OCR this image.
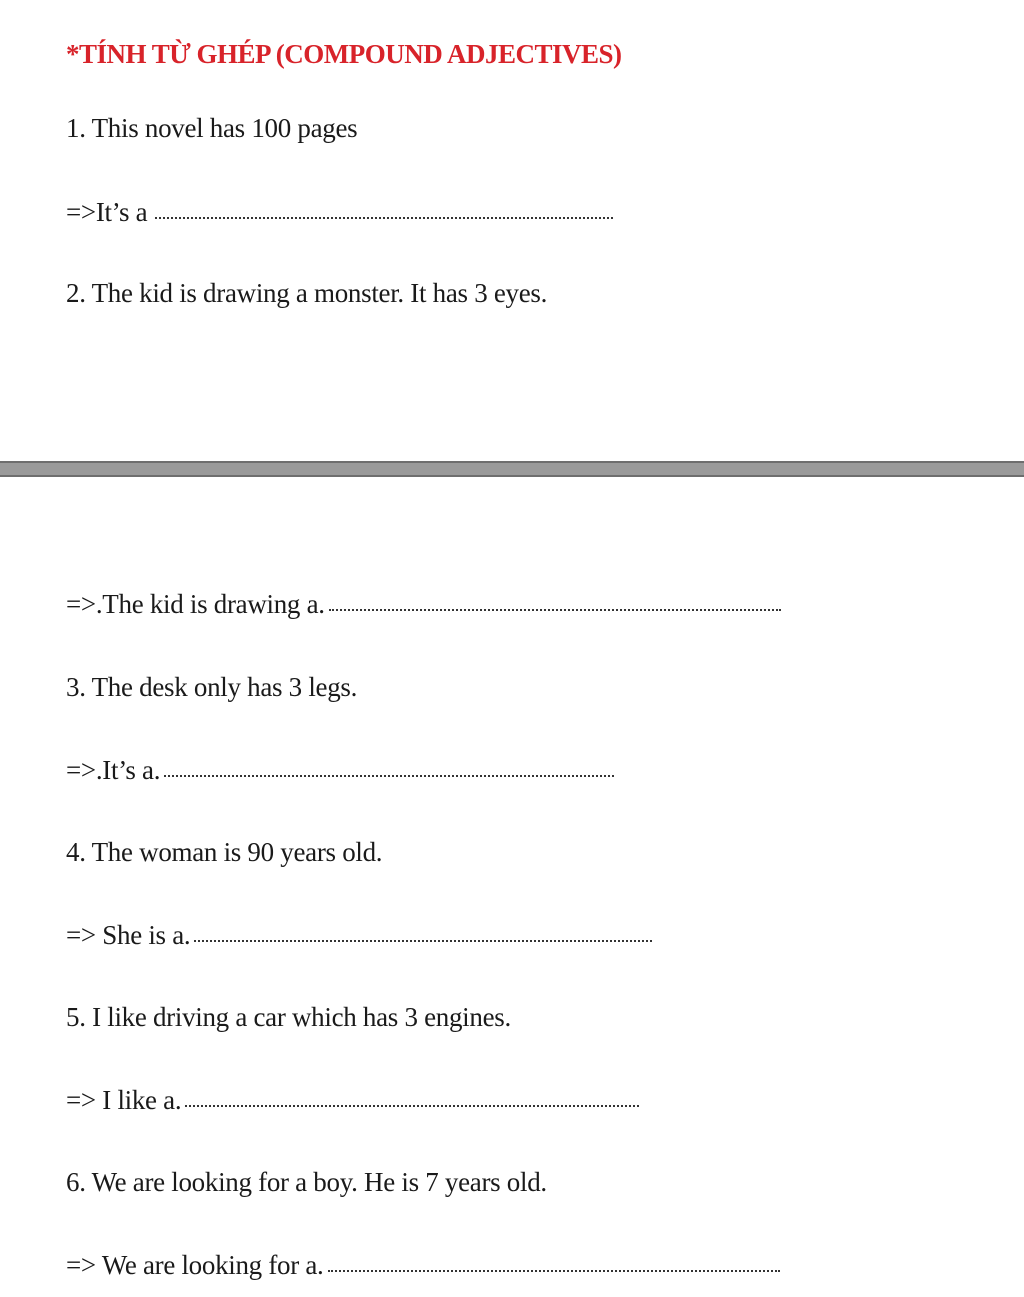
*TÍNH TỪ GHÉP (COMPOUND ADJECTIVES)
1. This novel has 100 pages
=>It’s a
2. The kid is drawing a monster. It has 3 eyes.
=>.The kid is drawing a.
3. The desk only has 3 legs.
=>.It’s a.
4. The woman is 90 years old.
=> She is a.
5. I like driving a car which has 3 engines.
=> I like a.
6. We are looking for a boy. He is 7 years old.
=> We are looking for a.
